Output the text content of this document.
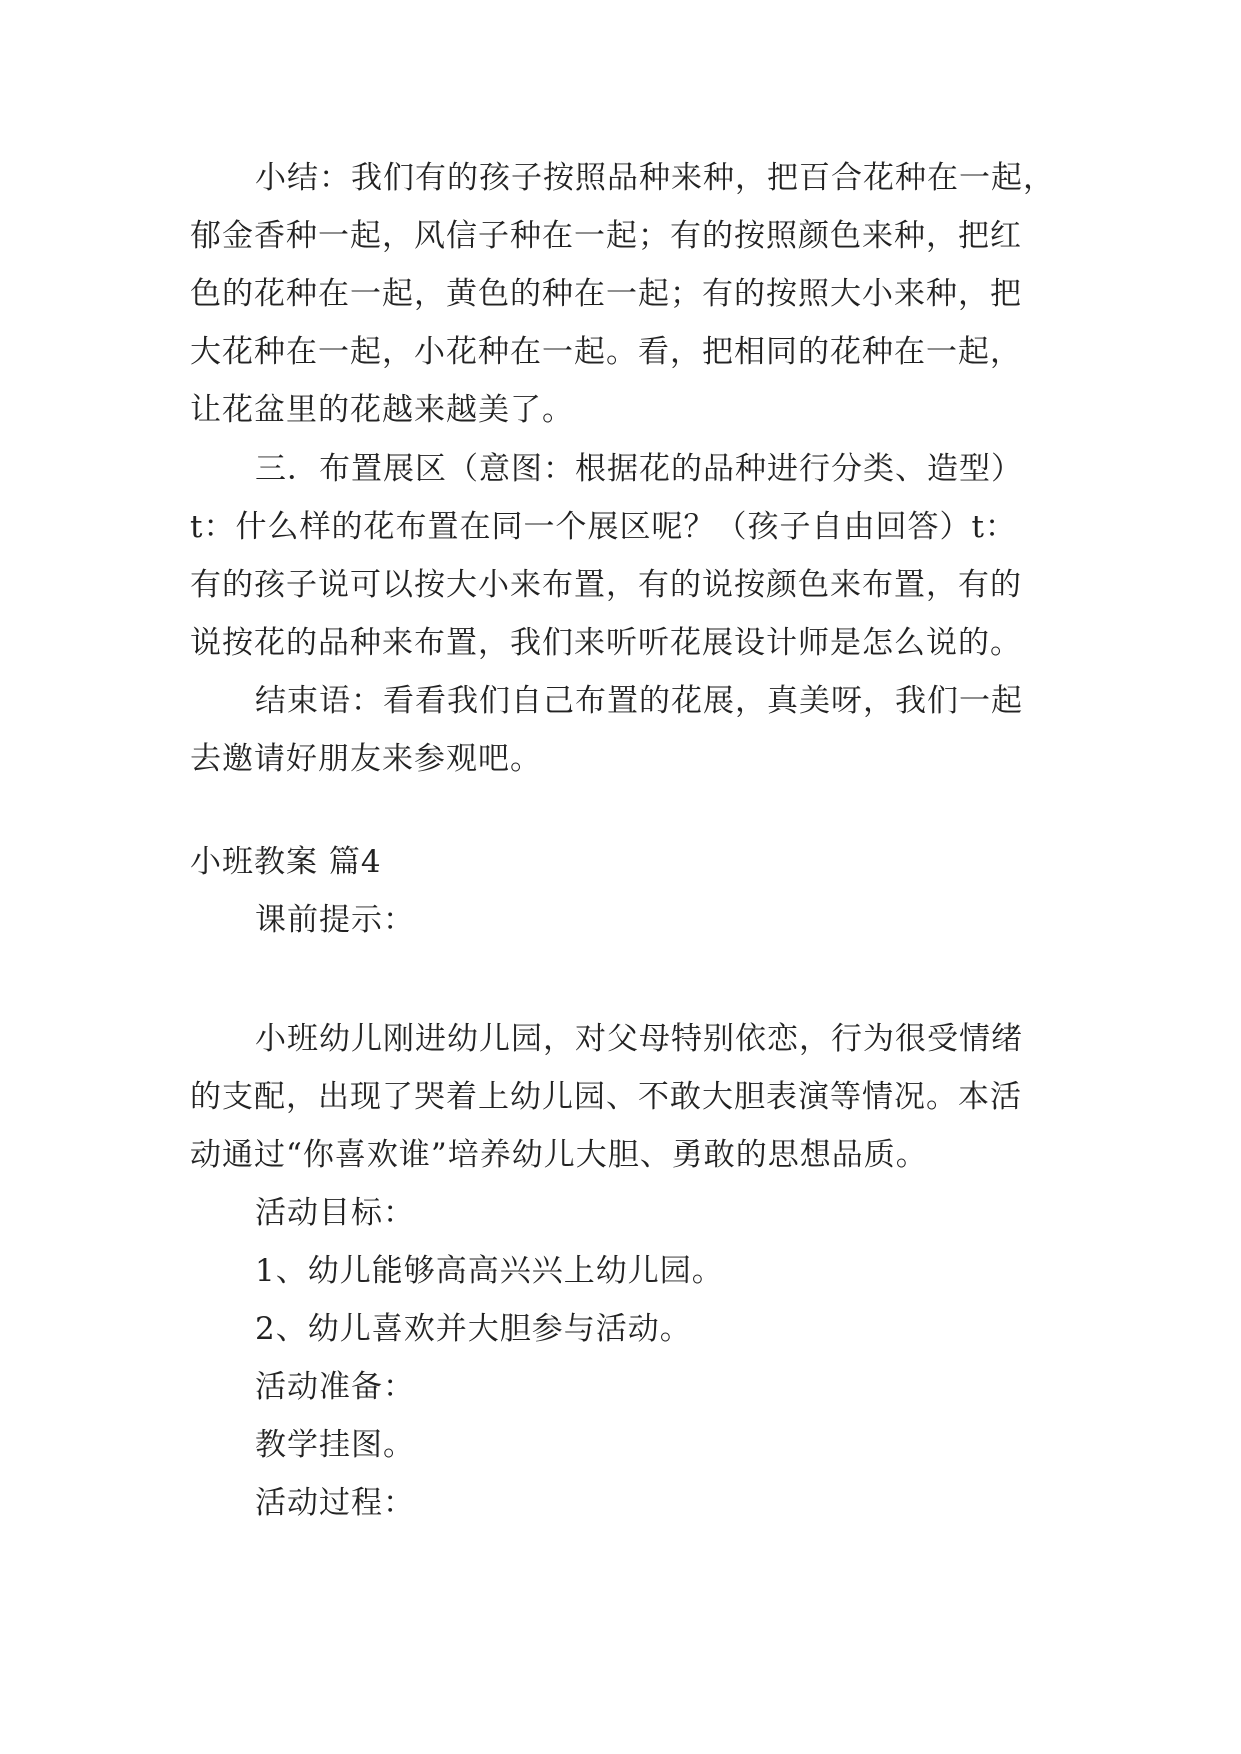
小结：我们有的孩子按照品种来种，把百合花种在一起，
郁金香种一起，风信子种在一起；有的按照颜色来种，把红
色的花种在一起，黄色的种在一起；有的按照大小来种，把
大花种在一起，小花种在一起。看，把相同的花种在一起，
让花盆里的花越来越美了。
三．布置展区（意图：根据花的品种进行分类、造型）
t：什么样的花布置在同一个展区呢？（孩子自由回答）t：
有的孩子说可以按大小来布置，有的说按颜色来布置，有的
说按花的品种来布置，我们来听听花展设计师是怎么说的。
结束语：看看我们自己布置的花展，真美呀，我们一起
去邀请好朋友来参观吧。
小班教案 篇4
课前提示：
小班幼儿刚进幼儿园，对父母特别依恋，行为很受情绪
的支配，出现了哭着上幼儿园、不敢大胆表演等情况。本活
动通过“你喜欢谁”培养幼儿大胆、勇敢的思想品质。
活动目标：
1、幼儿能够高高兴兴上幼儿园。
2、幼儿喜欢并大胆参与活动。
活动准备：
教学挂图。
活动过程：
